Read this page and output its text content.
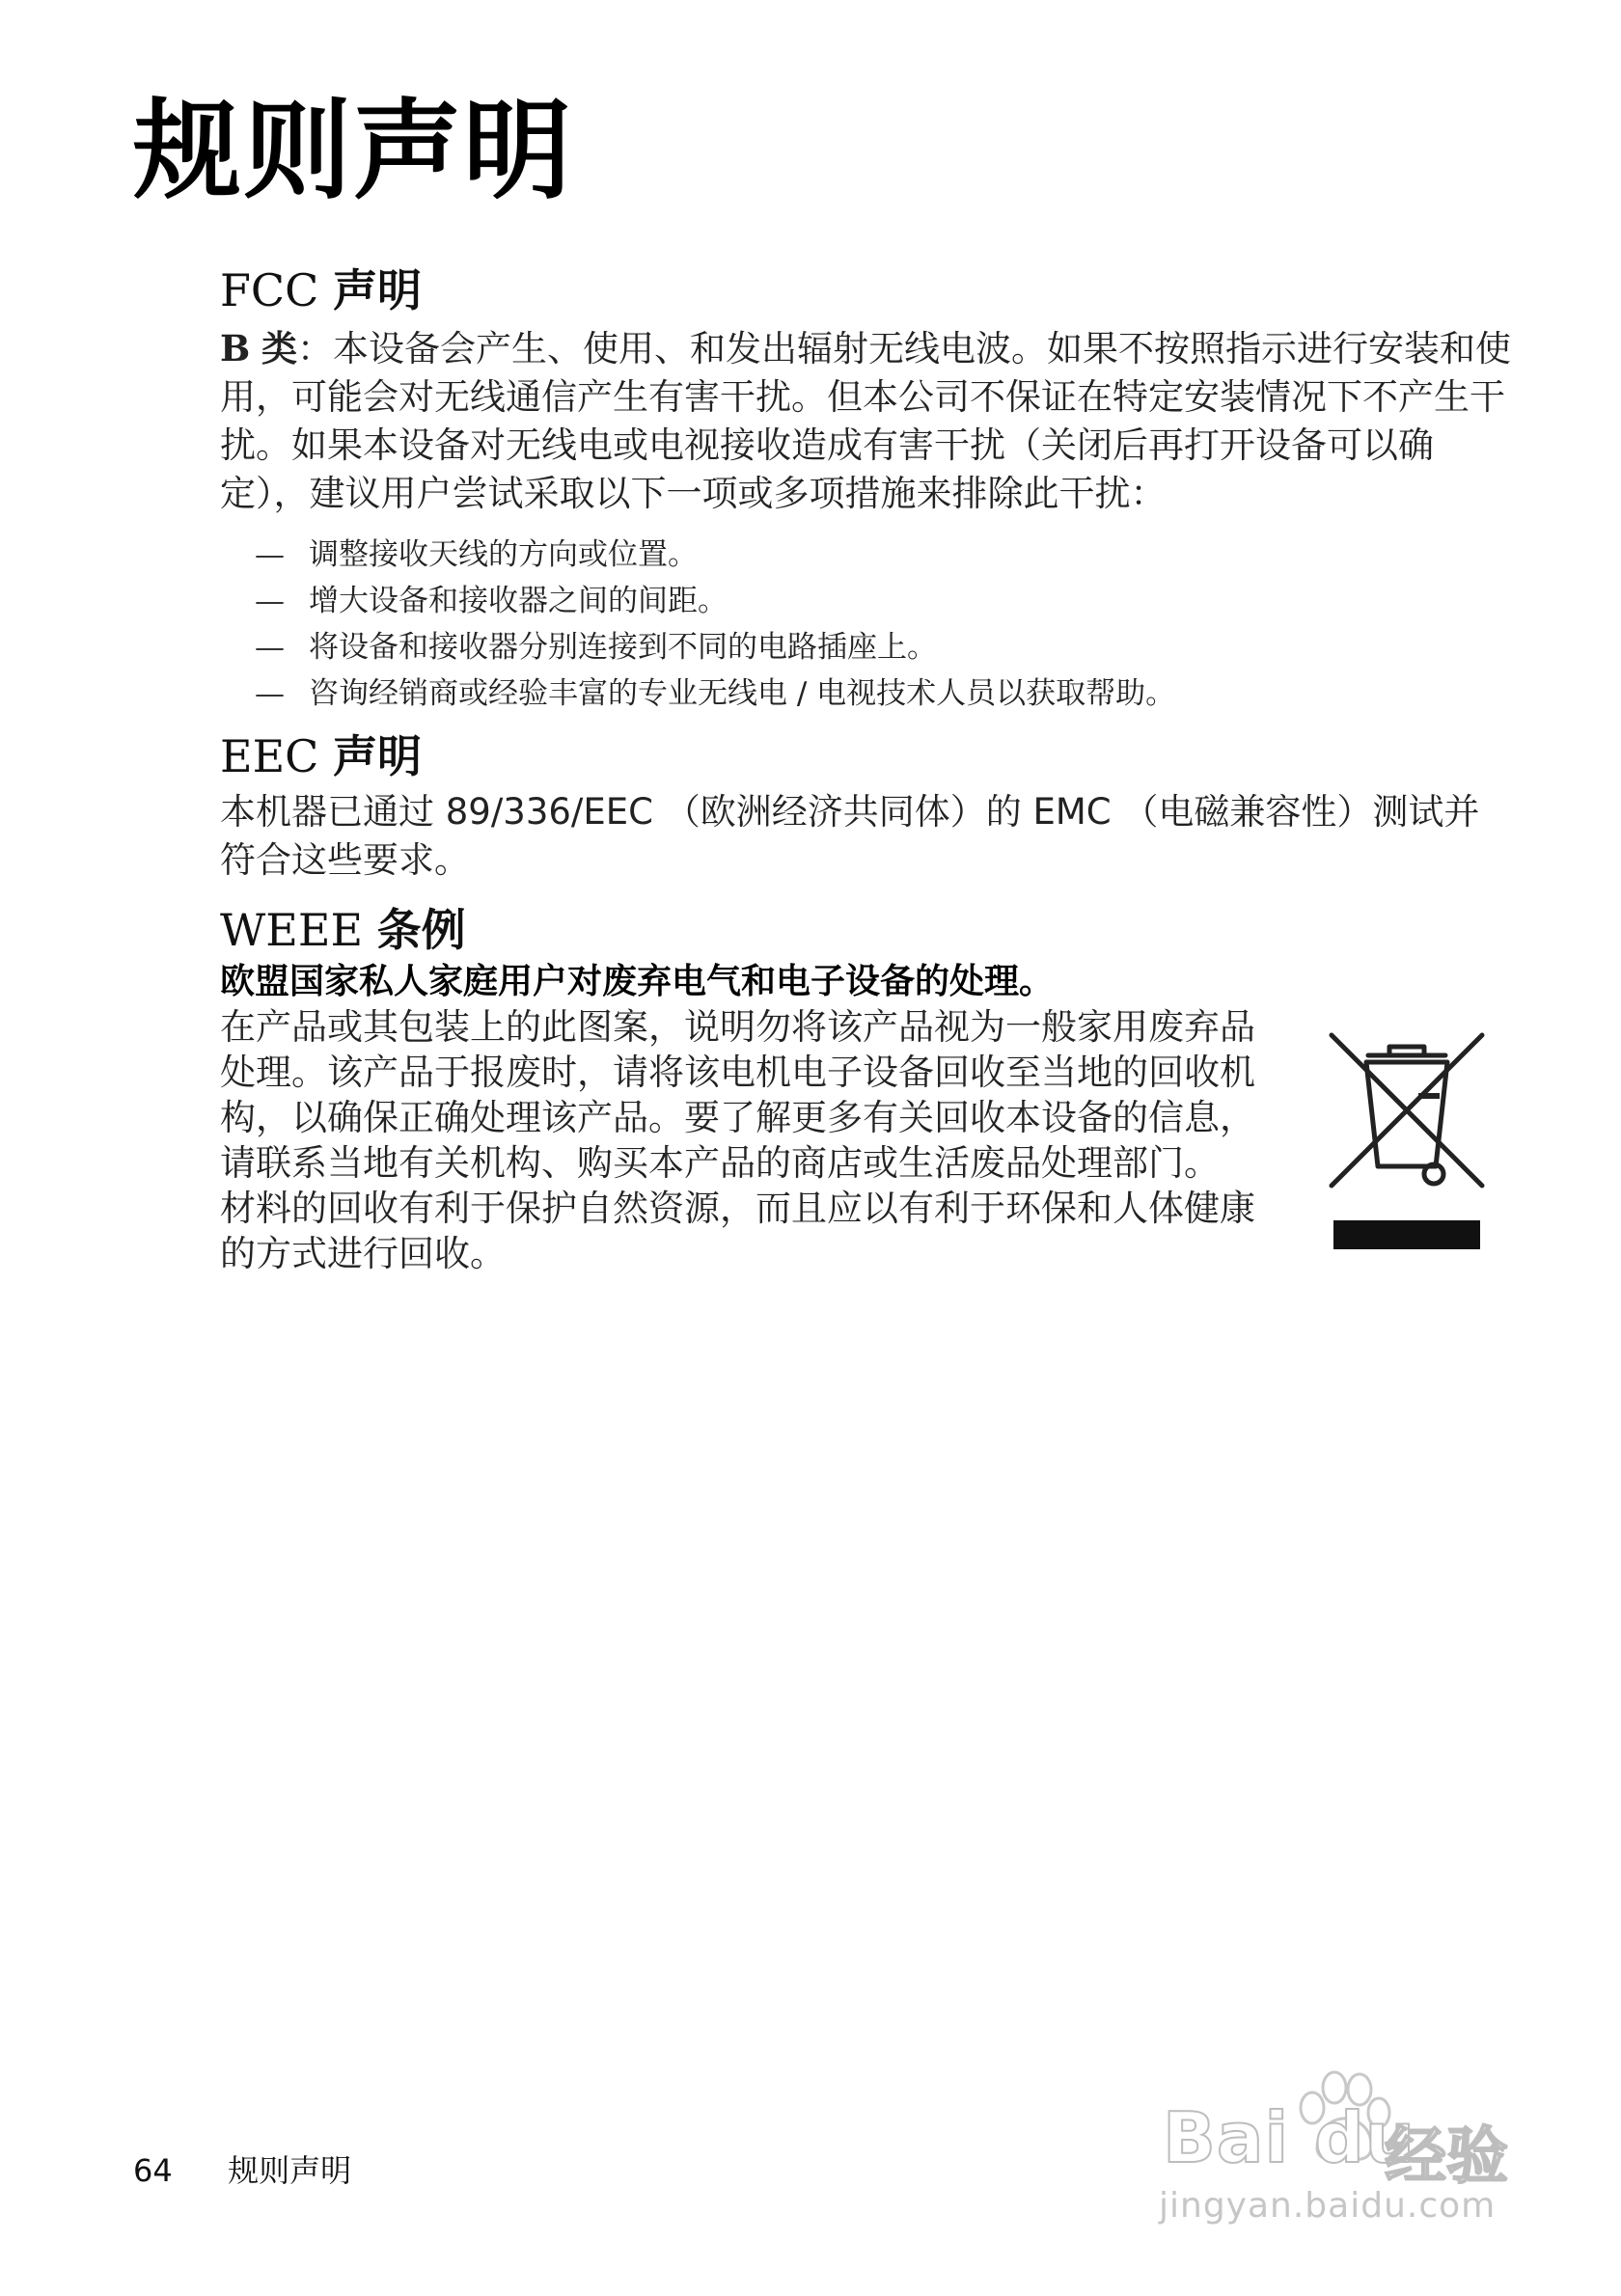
规则声明
FCC 声明

B 类：本设备会产生、使用、和发出辐射无线电波。如果不按照指示进行安装和使用，可能会对无线通信产生有害干扰。但本公司不保证在特定安装情况下不产生干扰。如果本设备对无线电或电视接收造成有害干扰（关闭后再打开设备可以确定），建议用户尝试采取以下一项或多项措施来排除此干扰：

— 调整接收天线的方向或位置。
— 增大设备和接收器之间的间距。
— 将设备和接收器分别连接到不同的电路插座上。
— 咨询经销商或经验丰富的专业无线电 / 电视技术人员以获取帮助。
EEC 声明

本机器已通过 89/336/EEC （欧洲经济共同体）的 EMC （电磁兼容性）测试并符合这些要求。

WEEE 条例

欧盟国家私人家庭用户对废弃电气和电子设备的处理。

在产品或其包装上的此图案，说明勿将该产品视为一般家用废弃品
处理。该产品于报废时，请将该电机电子设备回收至当地的回收机
构，以确保正确处理该产品。要了解更多有关回收本设备的信息，
请联系当地有关机构、购买本产品的商店或生活废品处理部门。
材料的回收有利于保护自然资源，而且应以有利于环保和人体健康
的方式进行回收。

64 规则声明	Bai du
经验
jingyan.baidu.com
